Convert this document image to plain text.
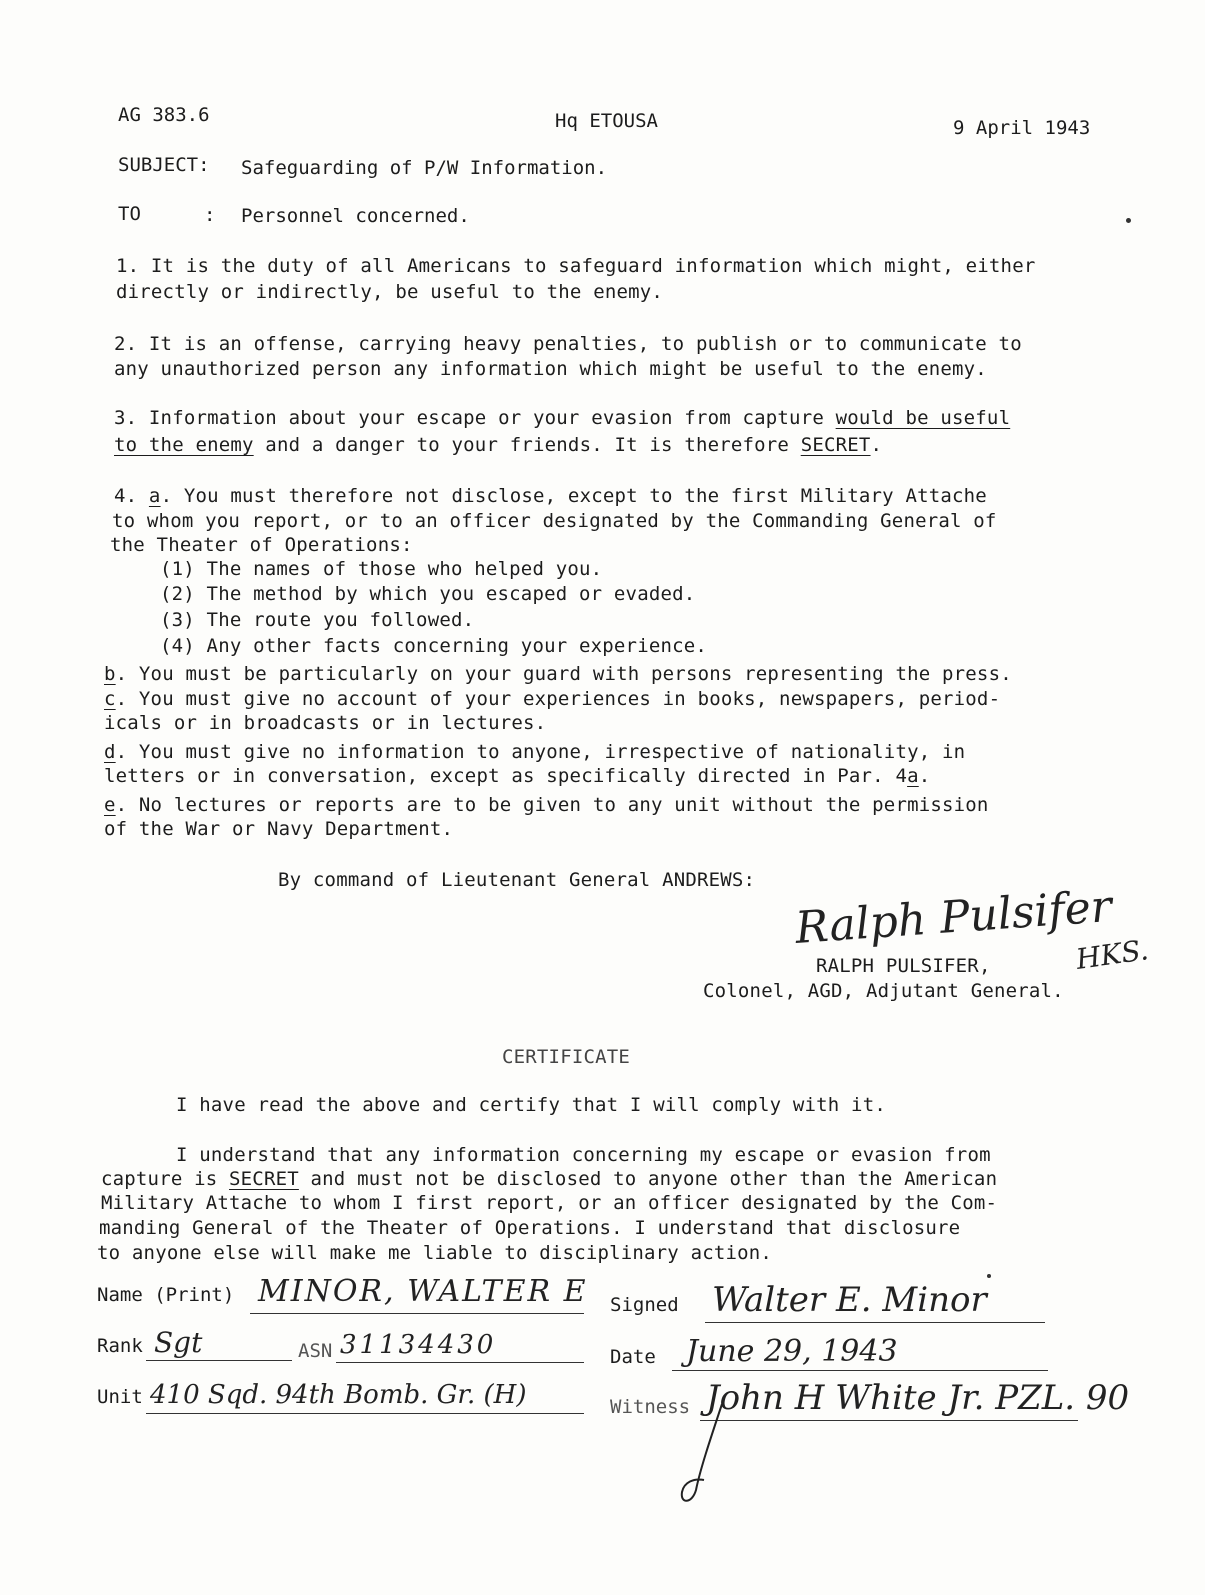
AG 383.6	Hq ETOUSA	9 April 1943
SUBJECT: Safeguarding of P/W Information.
TO	: Personnel concerned.
1. It is the duty of all Americans to safeguard information which might, either
directly or indirectly, be useful to the enemy.
2. It is an offense, carrying heavy penalties, to publish or to communicate to
any unauthorized person any information which might be useful to the enemy.
3. Information about your escape or your evasion from capture would be useful
to the enemy and a danger to your friends. It is therefore SECRET.
4. a. You must therefore not disclose, except to the first Military Attache
to whom you report, or to an officer designated by the Commanding General of
the Theater of Operations:
(1) The names of those who helped you.
(2) The method by which you escaped or evaded.
(3) The route you followed.
(4) Any other facts concerning your experience.
b. You must be particularly on your guard with persons representing the press.
c. You must give no account of your experiences in books, newspapers, period-
icals or in broadcasts or in lectures.
d. You must give no information to anyone, irrespective of nationality, in
letters or in conversation, except as specifically directed in Par. 4a.
e. No lectures or reports are to be given to any unit without the permission
of the War or Navy Department.
By command of Lieutenant General ANDREWS:
Ralph Pulsifer
HKS.
RALPH PULSIFER,
Colonel, AGD, Adjutant General.
CERTIFICATE
I have read the above and certify that I will comply with it.
I understand that any information concerning my escape or evasion from
capture is SECRET and must not be disclosed to anyone other than the American
Military Attache to whom I first report, or an officer designated by the Com-
manding General of the Theater of Operations. I understand that disclosure
to anyone else will make me liable to disciplinary action.
Name (Print) MINOR, WALTER E Signed Walter E. Minor
Rank Sgt	ASN 31134430	Date June 29, 1943
Unit 410 Sqd. 94th Bomb. Gr. (H)	Witness John H White Jr. PZL. 90
